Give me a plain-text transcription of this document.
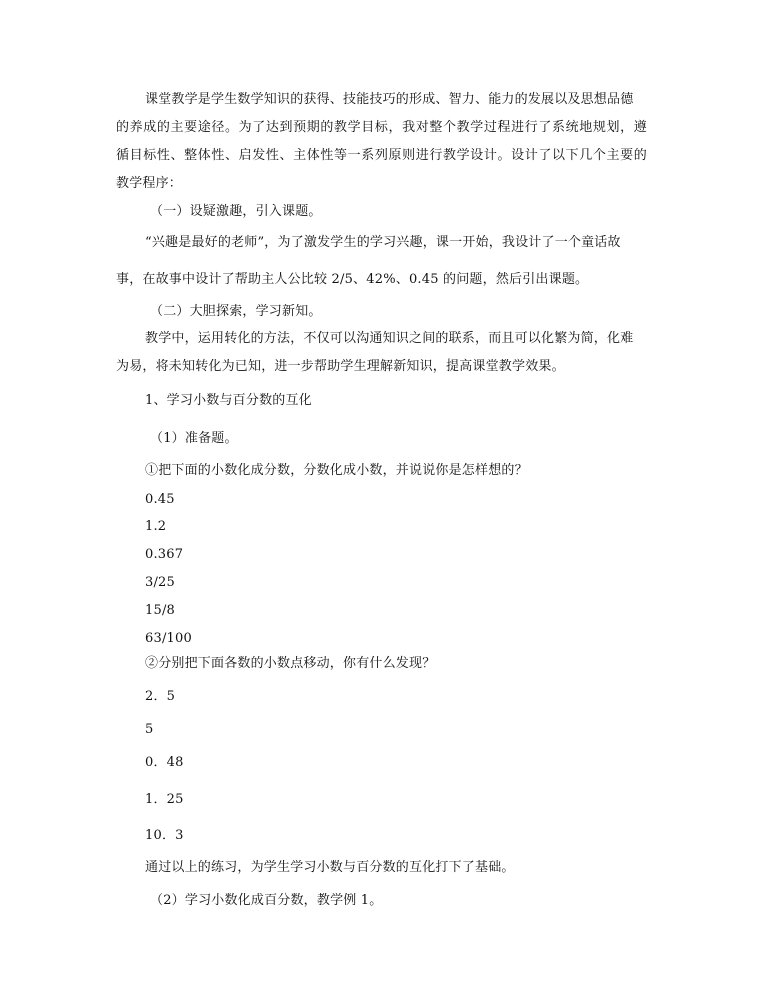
课堂教学是学生数学知识的获得、技能技巧的形成、智力、能力的发展以及思想品德
的养成的主要途径。为了达到预期的教学目标，我对整个教学过程进行了系统地规划，遵
循目标性、整体性、启发性、主体性等一系列原则进行教学设计。设计了以下几个主要的
教学程序：
（一）设疑激趣，引入课题。
“兴趣是最好的老师”，为了激发学生的学习兴趣，课一开始，我设计了一个童话故
事，在故事中设计了帮助主人公比较 2/5、42%、0.45 的问题，然后引出课题。
（二）大胆探索，学习新知。
教学中，运用转化的方法，不仅可以沟通知识之间的联系，而且可以化繁为简，化难
为易，将未知转化为已知，进一步帮助学生理解新知识，提高课堂教学效果。
1、学习小数与百分数的互化
（1）准备题。
①把下面的小数化成分数，分数化成小数，并说说你是怎样想的？
0.45
1.2
0.367
3/25
15/8
63/100
②分别把下面各数的小数点移动，你有什么发现？
2．5
5
0．48
1．25
10．3
通过以上的练习，为学生学习小数与百分数的互化打下了基础。
（2）学习小数化成百分数，教学例 1。
